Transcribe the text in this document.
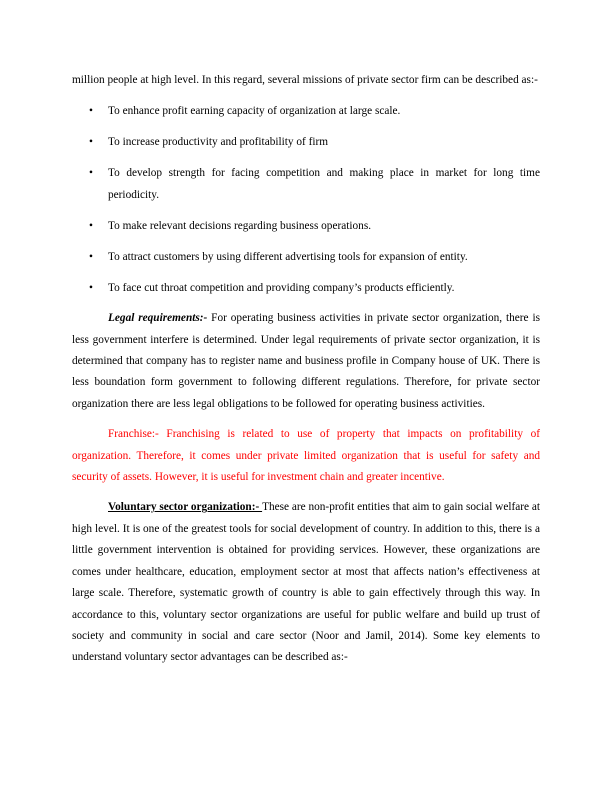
million people at high level. In this regard, several missions of private sector firm can be described as:-

• To enhance profit earning capacity of organization at large scale.
• To increase productivity and profitability of firm
• To develop strength for facing competition and making place in market for long time periodicity.
• To make relevant decisions regarding business operations.
• To attract customers by using different advertising tools for expansion of entity.
• To face cut throat competition and providing company’s products efficiently.

Legal requirements:- For operating business activities in private sector organization, there is less government interfere is determined. Under legal requirements of private sector organization, it is determined that company has to register name and business profile in Company house of UK. There is less boundation form government to following different regulations. Therefore, for private sector organization there are less legal obligations to be followed for operating business activities.

Franchise:- Franchising is related to use of property that impacts on profitability of organization. Therefore, it comes under private limited organization that is useful for safety and security of assets. However, it is useful for investment chain and greater incentive.

Voluntary sector organization:- These are non-profit entities that aim to gain social welfare at high level. It is one of the greatest tools for social development of country. In addition to this, there is a little government intervention is obtained for providing services. However, these organizations are comes under healthcare, education, employment sector at most that affects nation’s effectiveness at large scale. Therefore, systematic growth of country is able to gain effectively through this way. In accordance to this, voluntary sector organizations are useful for public welfare and build up trust of society and community in social and care sector (Noor and Jamil, 2014). Some key elements to understand voluntary sector advantages can be described as:-
